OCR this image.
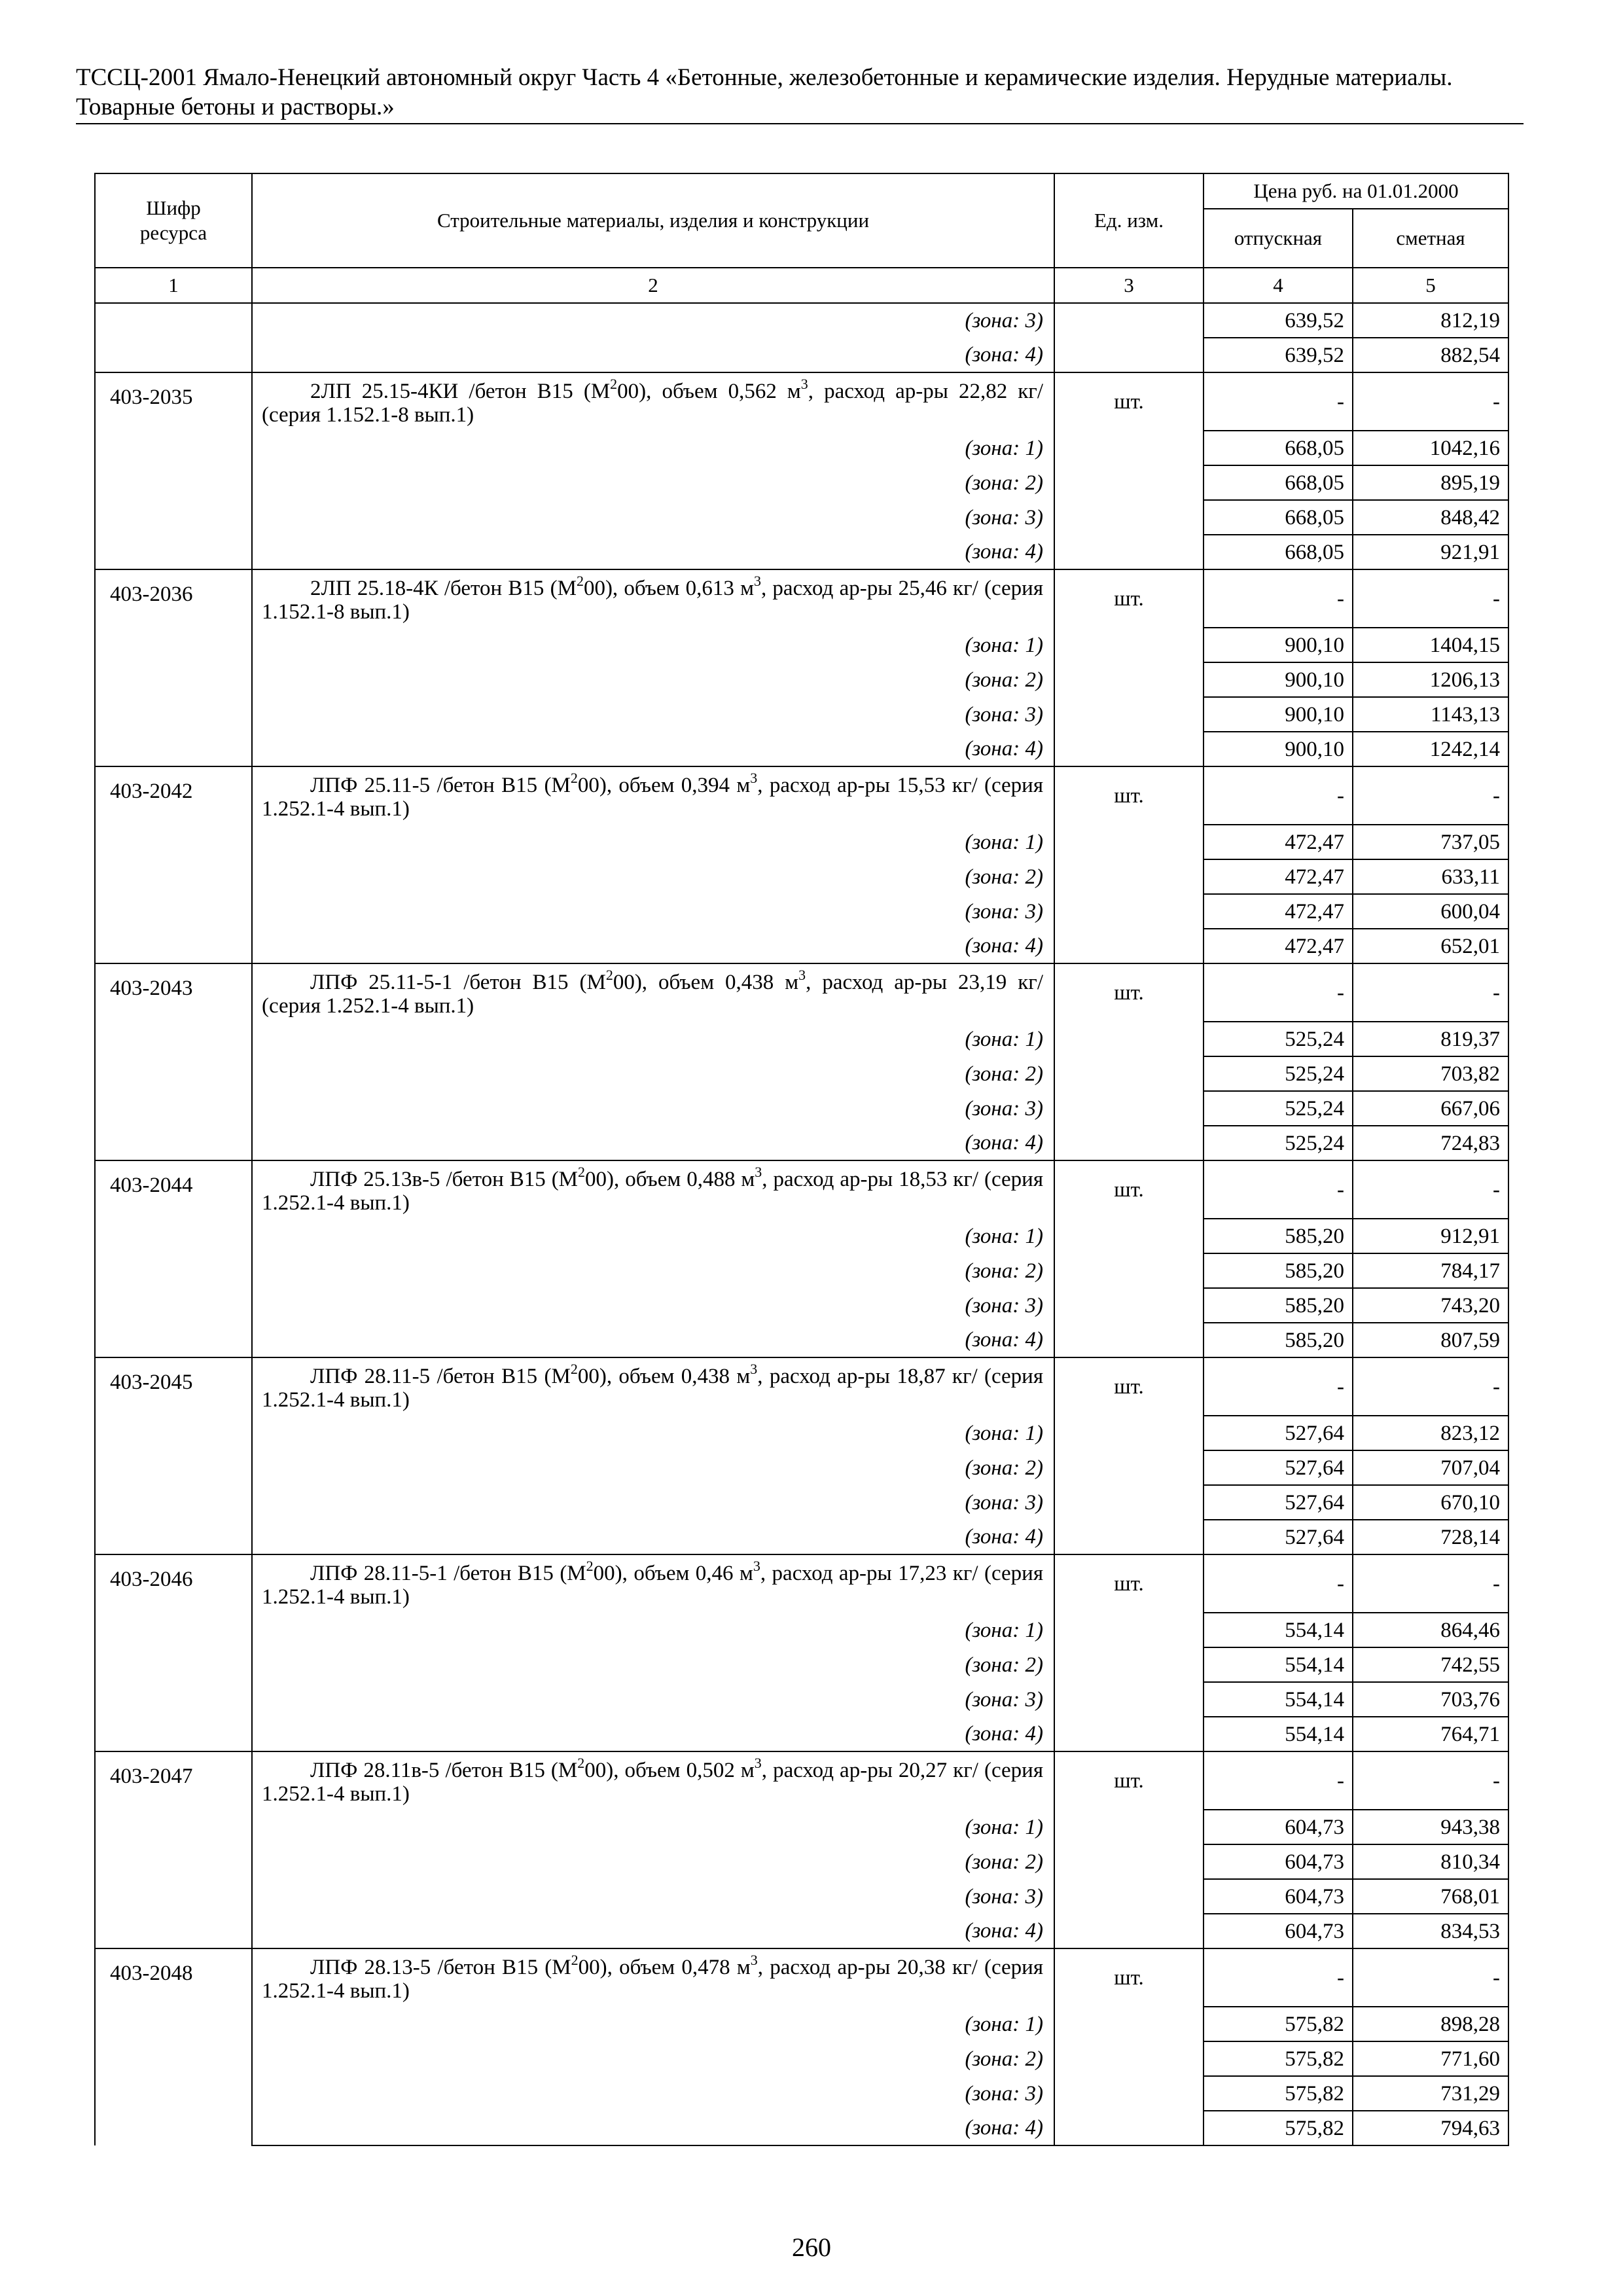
ТССЦ-2001 Ямало-Ненецкий автономный округ Часть 4 «Бетонные, железобетонные и керамические изделия. Нерудные материалы.
Товарные бетоны и растворы.»
Шифр ресурса	Строительные материалы, изделия и конструкции	Ед. изм.	Цена руб. на 01.01.2000	
			отпускная	сметная
1	2	3	4	5
	(зона: 3)		639,52	812,19
	(зона: 4)		639,52	882,54
403-2035	2ЛП 25.15-4КИ /бетон В15 $(М^200)$, объем 0,562 $м^3$, расход ар-ры 22,82 кг/ (серия 1.152.1-8 вып.1)	шт.	-	-
	(зона: 1)		668,05	1042,16
	(зона: 2)		668,05	895,19
	(зона: 3)		668,05	848,42
	(зона: 4)		668,05	921,91
403-2036	2ЛП 25.18-4К /бетон В15 $(М^200)$, объем 0,613 $м^3$, расход ар-ры 25,46 кг/ (серия 1.152.1-8 вып.1)	шт.	-	-
	(зона: 1)		900,10	1404,15
	(зона: 2)		900,10	1206,13
	(зона: 3)		900,10	1143,13
	(зона: 4)		900,10	1242,14
403-2042	ЛПФ 25.11-5 /бетон В15 $(М^200)$, объем 0,394 $м^3$, расход ар-ры 15,53 кг/ (серия 1.252.1-4 вып.1)	шт.	-	-
	(зона: 1)		472,47	737,05
	(зона: 2)		472,47	633,11
	(зона: 3)		472,47	600,04
	(зона: 4)		472,47	652,01
403-2043	ЛПФ 25.11-5-1 /бетон В15 $(М^200)$, объем 0,438 $м^3$, расход ар-ры 23,19 кг/ (серия 1.252.1-4 вып.1)	шт.	-	-
	(зона: 1)		525,24	819,37
	(зона: 2)		525,24	703,82
	(зона: 3)		525,24	667,06
	(зона: 4)		525,24	724,83
403-2044	ЛПФ 25.13в-5 /бетон В15 $(М^200)$, объем 0,488 $м^3$, расход ар-ры 18,53 кг/ (серия 1.252.1-4 вып.1)	шт.	-	-
	(зона: 1)		585,20	912,91
	(зона: 2)		585,20	784,17
	(зона: 3)		585,20	743,20
	(зона: 4)		585,20	807,59
403-2045	ЛПФ 28.11-5 /бетон В15 $(М^200)$, объем 0,438 $м^3$, расход ар-ры 18,87 кг/ (серия 1.252.1-4 вып.1)	шт.	-	-
	(зона: 1)		527,64	823,12
	(зона: 2)		527,64	707,04
	(зона: 3)		527,64	670,10
	(зона: 4)		527,64	728,14
403-2046	ЛПФ 28.11-5-1 /бетон В15 $(М^200)$, объем 0,46 $м^3$, расход ар-ры 17,23 кг/ (серия 1.252.1-4 вып.1)	шт.	-	-
	(зона: 1)		554,14	864,46
	(зона: 2)		554,14	742,55
	(зона: 3)		554,14	703,76
	(зона: 4)		554,14	764,71
403-2047	ЛПФ 28.11в-5 /бетон В15 $(М^200)$, объем 0,502 $м^3$, расход ар-ры 20,27 кг/ (серия 1.252.1-4 вып.1)	шт.	-	-
	(зона: 1)		604,73	943,38
	(зона: 2)		604,73	810,34
	(зона: 3)		604,73	768,01
	(зона: 4)		604,73	834,53
403-2048	ЛПФ 28.13-5 /бетон В15 $(М^200)$, объем 0,478 $м^3$, расход ар-ры 20,38 кг/ (серия 1.252.1-4 вып.1)	шт.	-	-
	(зона: 1)		575,82	898,28
	(зона: 2)		575,82	771,60
	(зона: 3)		575,82	731,29
	(зона: 4)		575,82	794,63
260
